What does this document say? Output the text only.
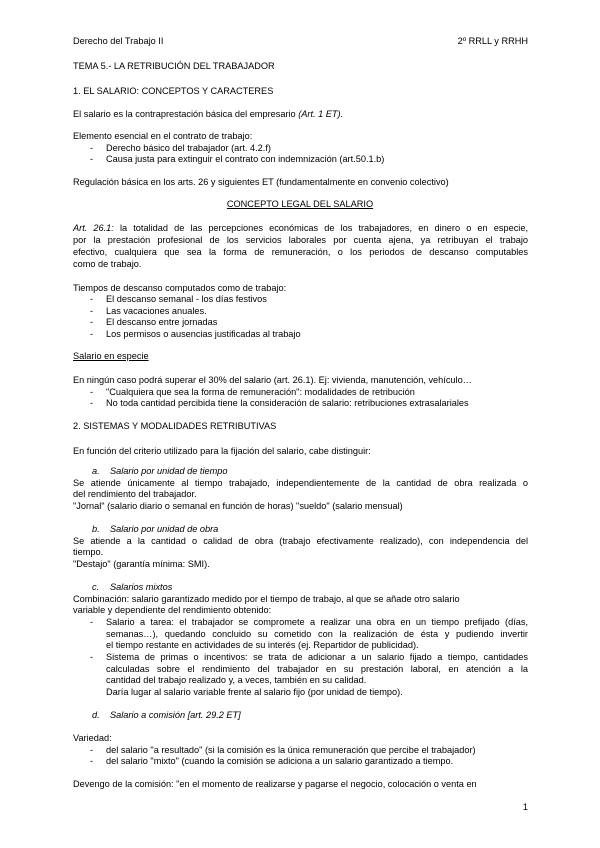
Derecho del Trabajo II	2º RRLL y RRHH
TEMA 5.- LA RETRIBUCIÓN DEL TRABAJADOR
1. EL SALARIO: CONCEPTOS Y CARACTERES
El salario es la contraprestación básica del empresario (Art. 1 ET).
Elemento esencial en el contrato de trabajo:
- Derecho básico del trabajador (art. 4.2.f)
- Causa justa para extinguir el contrato con indemnización (art.50.1.b)
Regulación básica en los arts. 26 y siguientes ET (fundamentalmente en convenio colectivo)
CONCEPTO LEGAL DEL SALARIO
Art. 26.1: la totalidad de las percepciones económicas de los trabajadores, en dinero o en especie,
por la prestación profesional de los servicios laborales por cuenta ajena, ya retribuyan el trabajo
efectivo, cualquiera que sea la forma de remuneración, o los periodos de descanso computables
como de trabajo.
Tiempos de descanso computados como de trabajo:
- El descanso semanal - los días festivos
- Las vacaciones anuales.
- El descanso entre jornadas
- Los permisos o ausencias justificadas al trabajo
Salario en especie
En ningún caso podrá superar el 30% del salario (art. 26.1). Ej: vivienda, manutención, vehículo…
- "Cualquiera que sea la forma de remuneración": modalidades de retribución
- No toda cantidad percibida tiene la consideración de salario: retribuciones extrasalariales
2. SISTEMAS Y MODALIDADES RETRIBUTIVAS
En función del criterio utilizado para la fijación del salario, cabe distinguir:
a. Salario por unidad de tiempo
Se atiende únicamente al tiempo trabajado, independientemente de la cantidad de obra realizada o
del rendimiento del trabajador.
"Jornal" (salario diario o semanal en función de horas) "sueldo" (salario mensual)
b. Salario por unidad de obra
Se atiende a la cantidad o calidad de obra (trabajo efectivamente realizado), con independencia del
tiempo.
"Destajo" (garantía mínima: SMI).
c. Salarios mixtos
Combinación: salario garantizado medido por el tiempo de trabajo, al que se añade otro salario
variable y dependiente del rendimiento obtenido:
- Salario a tarea: el trabajador se compromete a realizar una obra en un tiempo prefijado (días,
semanas…), quedando concluido su cometido con la realización de ésta y pudiendo invertir
el tiempo restante en actividades de su interés (ej. Repartidor de publicidad).
- Sistema de primas o incentivos: se trata de adicionar a un salario fijado a tiempo, cantidades
calculadas sobre el rendimiento del trabajador en su prestación laboral, en atención a la
cantidad del trabajo realizado y, a veces, también en su calidad.
Daría lugar al salario variable frente al salario fijo (por unidad de tiempo).
d. Salario a comisión [art. 29.2 ET]
Variedad:
- del salario "a resultado" (si la comisión es la única remuneración que percibe el trabajador)
- del salario "mixto" (cuando la comisión se adiciona a un salario garantizado a tiempo.
Devengo de la comisión: "en el momento de realizarse y pagarse el negocio, colocación o venta en
1
